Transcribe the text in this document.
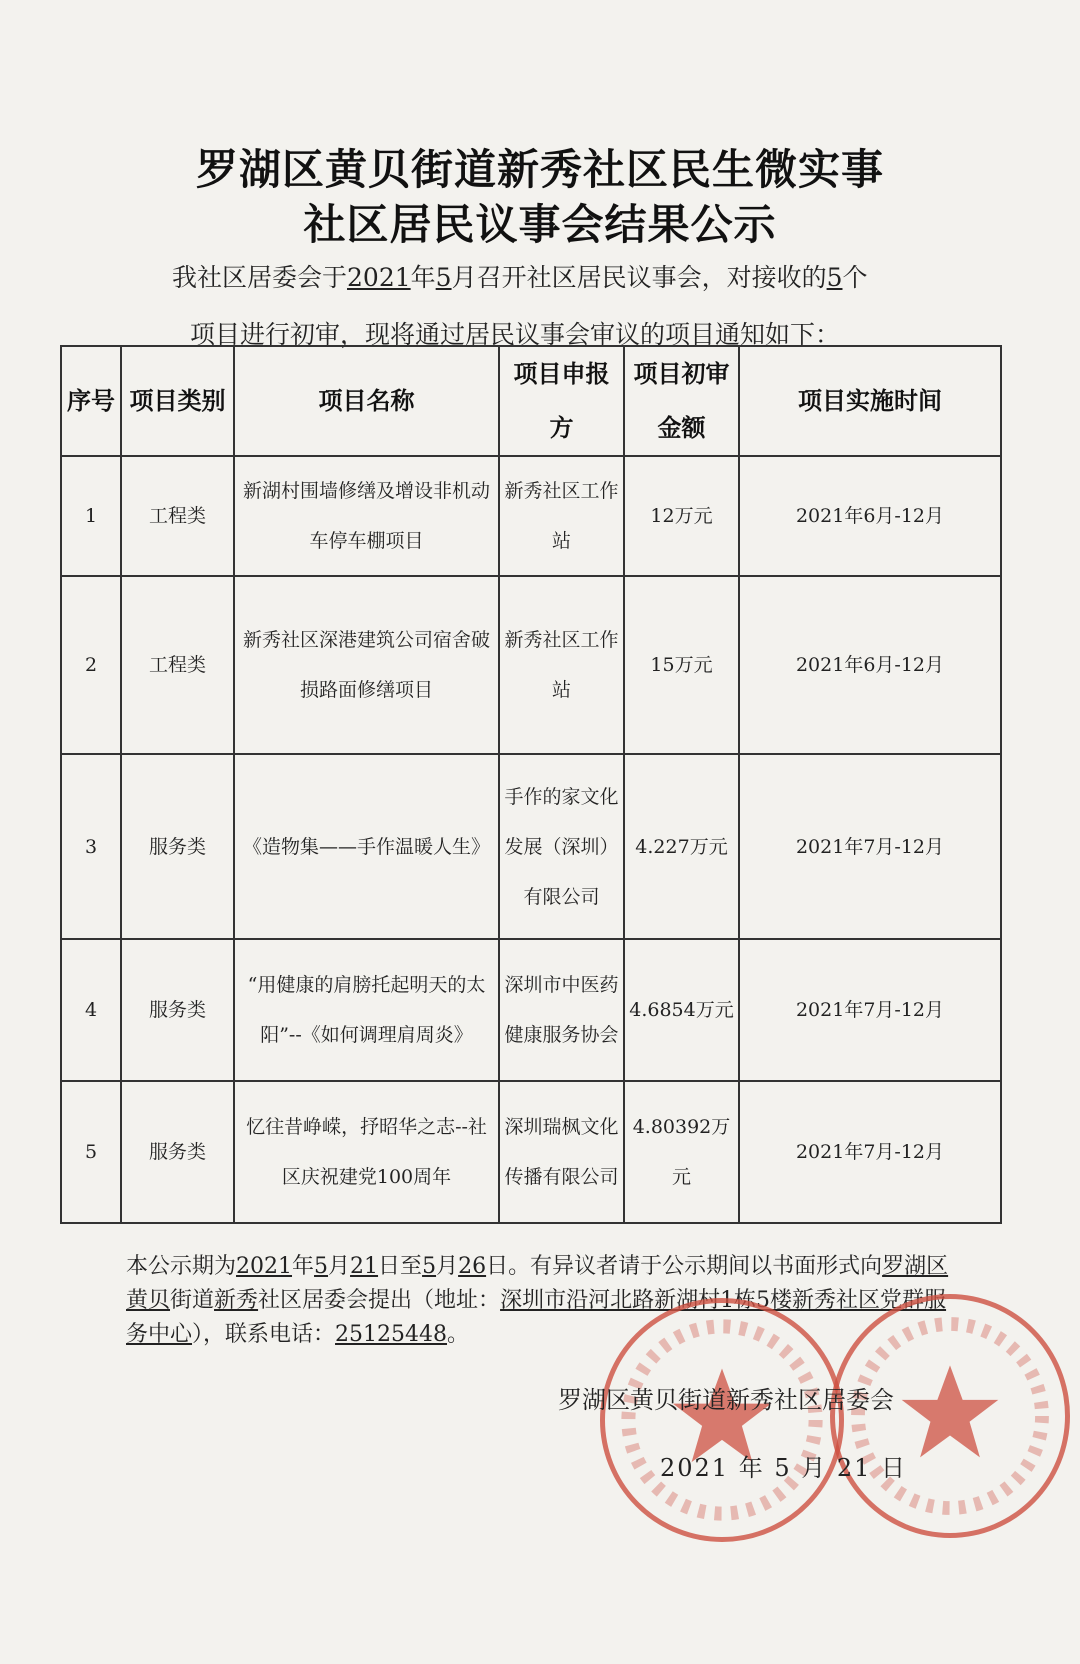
罗湖区黄贝街道新秀社区民生微实事
社区居民议事会结果公示
我社区居委会于2021年5月召开社区居民议事会，对接收的5个
项目进行初审，现将通过居民议事会审议的项目通知如下：
序号	项目类别	项目名称	项目申报方	项目初审金额	项目实施时间
1	工程类	新湖村围墙修缮及增设非机动车停车棚项目	新秀社区工作站	12万元	2021年6月-12月
2	工程类	新秀社区深港建筑公司宿舍破损路面修缮项目	新秀社区工作站	15万元	2021年6月-12月
3	服务类	《造物集——手作温暖人生》	手作的家文化发展（深圳）有限公司	4.227万元	2021年7月-12月
4	服务类	“用健康的肩膀托起明天的太阳”--《如何调理肩周炎》	深圳市中医药健康服务协会	4.6854万元	2021年7月-12月
5	服务类	忆往昔峥嵘，抒昭华之志--社区庆祝建党100周年	深圳瑞枫文化传播有限公司	4.80392万元	2021年7月-12月
本公示期为2021年5月21日至5月26日。有异议者请于公示期间以书面形式向罗湖区黄贝街道新秀社区居委会提出（地址：深圳市沿河北路新湖村1栋5楼新秀社区党群服务中心），联系电话：25125448。
罗湖区黄贝街道新秀社区居委会
2021 年 5 月 21 日
